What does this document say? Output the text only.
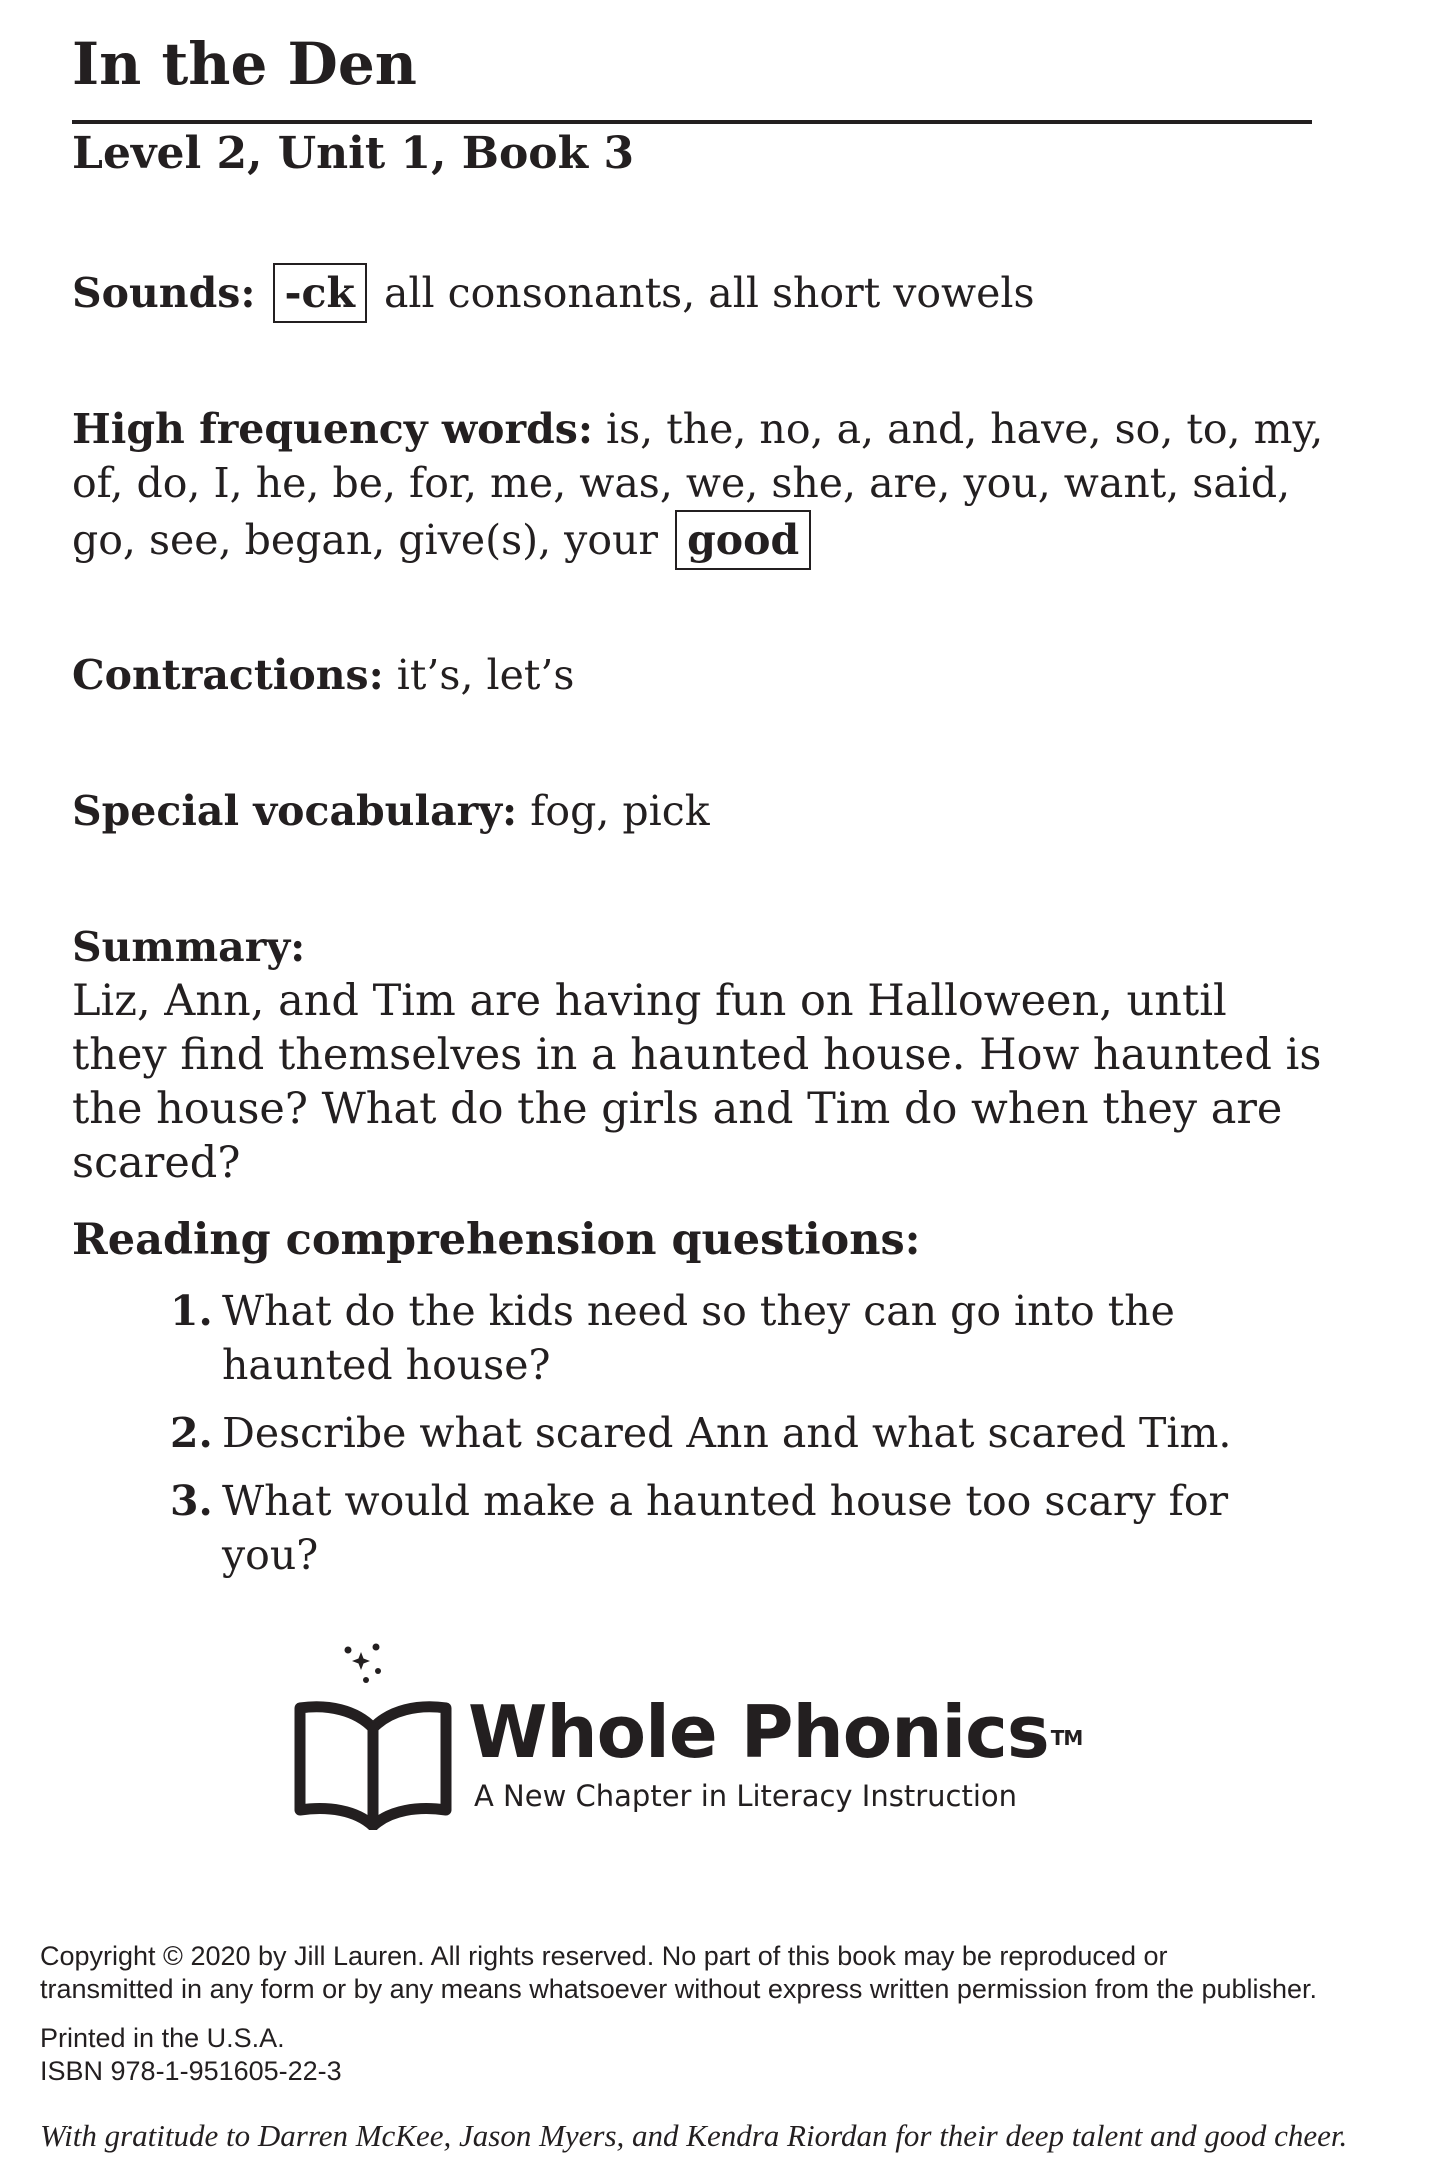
In the Den
Level 2, Unit 1, Book 3
Sounds: -ck all consonants, all short vowels
High frequency words: is, the, no, a, and, have, so, to, my, of, do, I, he, be, for, me, was, we, she, are, you, want, said, go, see, began, give(s), your good
Contractions: it’s, let’s
Special vocabulary: fog, pick
Summary:
Liz, Ann, and Tim are having fun on Halloween, until they find themselves in a haunted house. How haunted is the house? What do the girls and Tim do when they are scared?
Reading comprehension questions:
1. What do the kids need so they can go into the haunted house?
2. Describe what scared Ann and what scared Tim.
3. What would make a haunted house too scary for you?
Whole Phonics ™
A New Chapter in Literacy Instruction
Copyright © 2020 by Jill Lauren. All rights reserved. No part of this book may be reproduced or
transmitted in any form or by any means whatsoever without express written permission from the publisher.
Printed in the U.S.A.
ISBN 978-1-951605-22-3
With gratitude to Darren McKee, Jason Myers, and Kendra Riordan for their deep talent and good cheer.
